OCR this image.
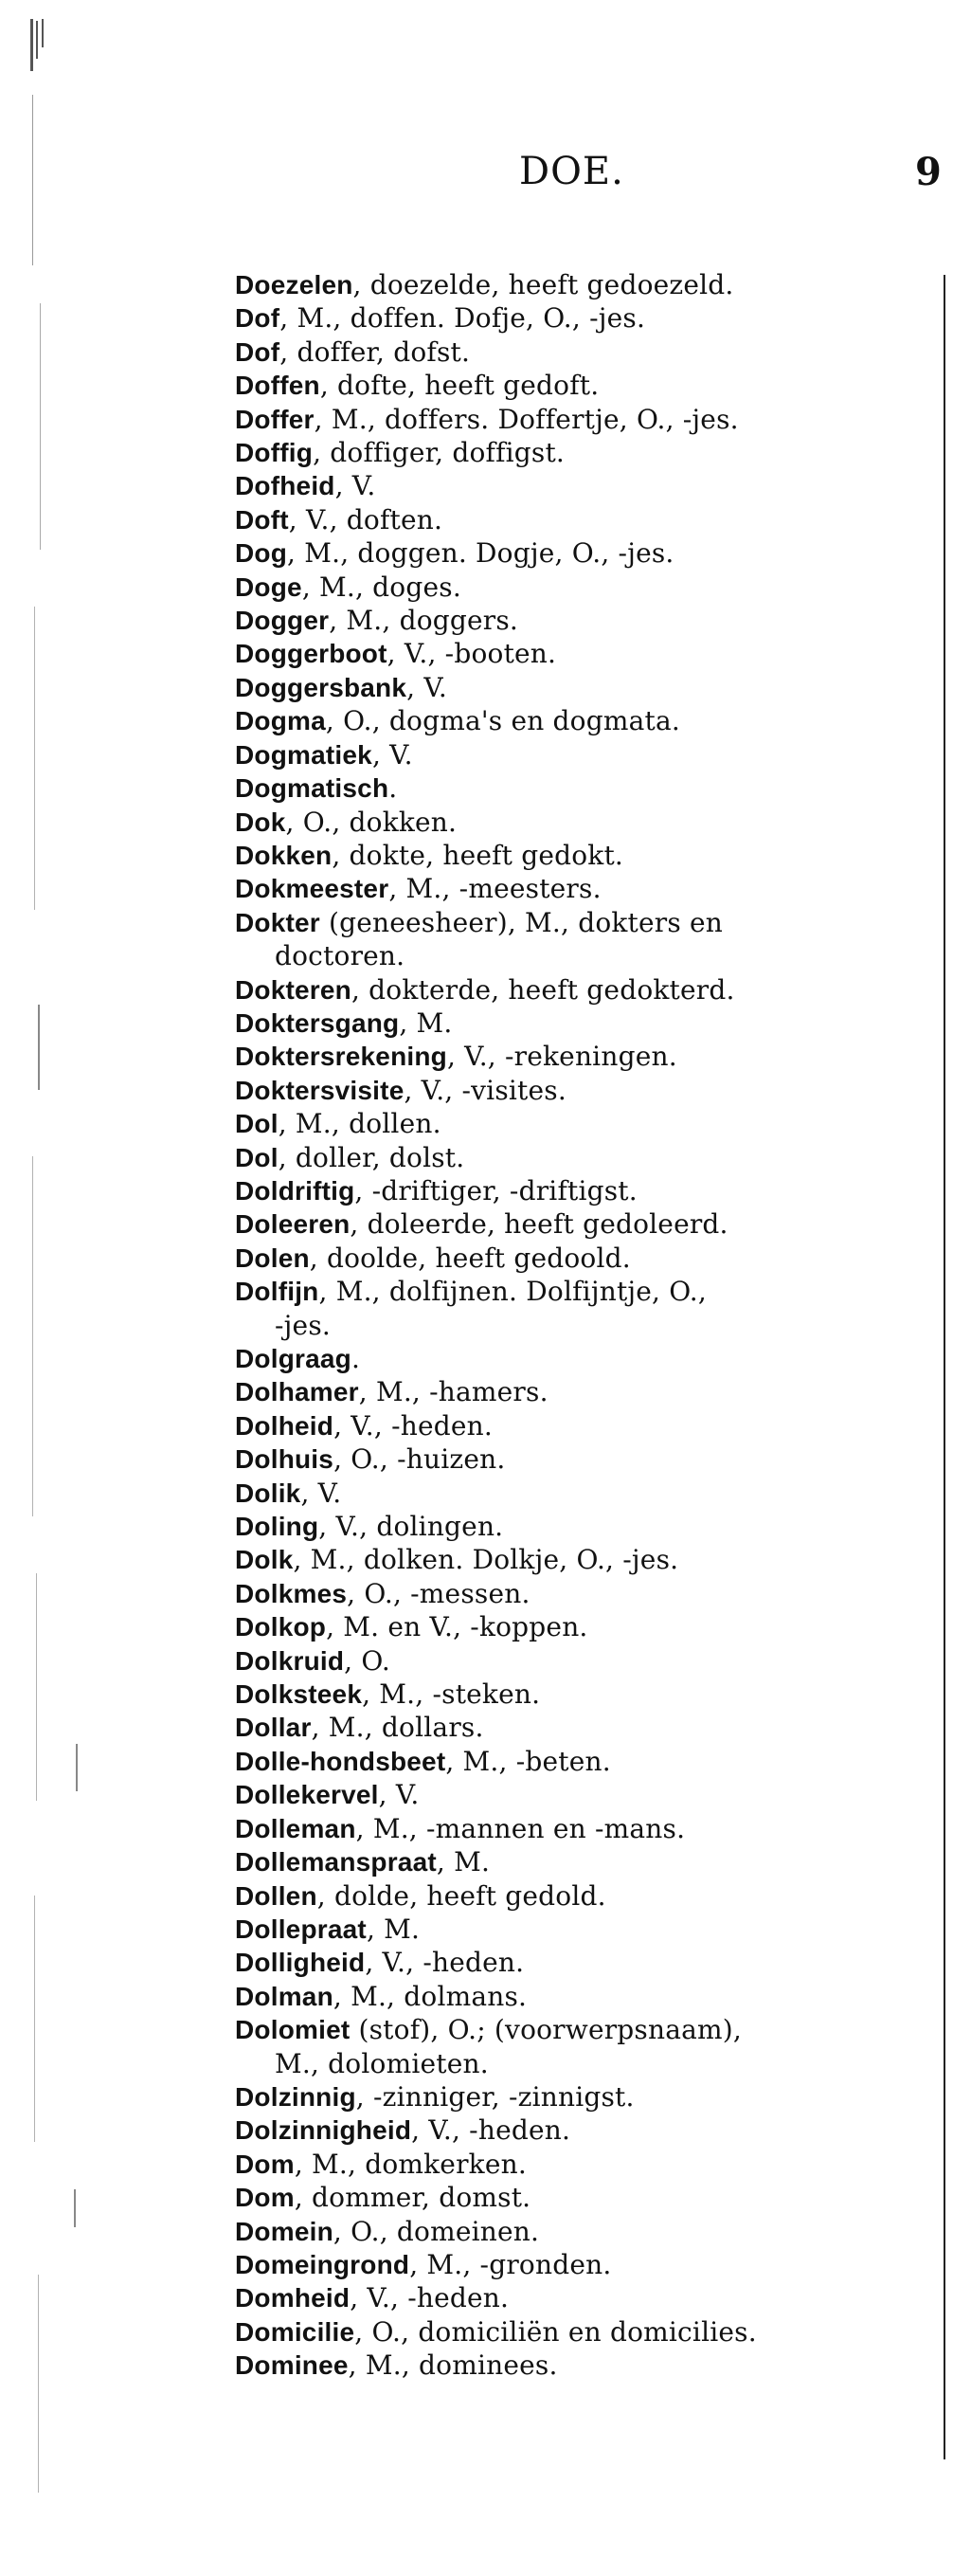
DOE.	9
Doezelen, doezelde, heeft gedoezeld.
Dof, M., doffen. Dofje, O., -jes.
Dof, doffer, dofst.
Doffen, dofte, heeft gedoft.
Doffer, M., doffers. Doffertje, O., -jes.
Doffig, doffiger, doffigst.
Dofheid, V.
Doft, V., doften.
Dog, M., doggen. Dogje, O., -jes.
Doge, M., doges.
Dogger, M., doggers.
Doggerboot, V., -booten.
Doggersbank, V.
Dogma, O., dogma's en dogmata.
Dogmatiek, V.
Dogmatisch.
Dok, O., dokken.
Dokken, dokte, heeft gedokt.
Dokmeester, M., -meesters.
Dokter (geneesheer), M., dokters en
doctoren.
Dokteren, dokterde, heeft gedokterd.
Doktersgang, M.
Doktersrekening, V., -rekeningen.
Doktersvisite, V., -visites.
Dol, M., dollen.
Dol, doller, dolst.
Doldriftig, -driftiger, -driftigst.
Doleeren, doleerde, heeft gedoleerd.
Dolen, doolde, heeft gedoold.
Dolfijn, M., dolfijnen. Dolfijntje, O.,
-jes.
Dolgraag.
Dolhamer, M., -hamers.
Dolheid, V., -heden.
Dolhuis, O., -huizen.
Dolik, V.
Doling, V., dolingen.
Dolk, M., dolken. Dolkje, O., -jes.
Dolkmes, O., -messen.
Dolkop, M. en V., -koppen.
Dolkruid, O.
Dolksteek, M., -steken.
Dollar, M., dollars.
Dolle-hondsbeet, M., -beten.
Dollekervel, V.
Dolleman, M., -mannen en -mans.
Dollemanspraat, M.
Dollen, dolde, heeft gedold.
Dollepraat, M.
Dolligheid, V., -heden.
Dolman, M., dolmans.
Dolomiet (stof), O.; (voorwerpsnaam),
M., dolomieten.
Dolzinnig, -zinniger, -zinnigst.
Dolzinnigheid, V., -heden.
Dom, M., domkerken.
Dom, dommer, domst.
Domein, O., domeinen.
Domeingrond, M., -gronden.
Domheid, V., -heden.
Domicilie, O., domiciliën en domicilies.
Dominee, M., dominees.
